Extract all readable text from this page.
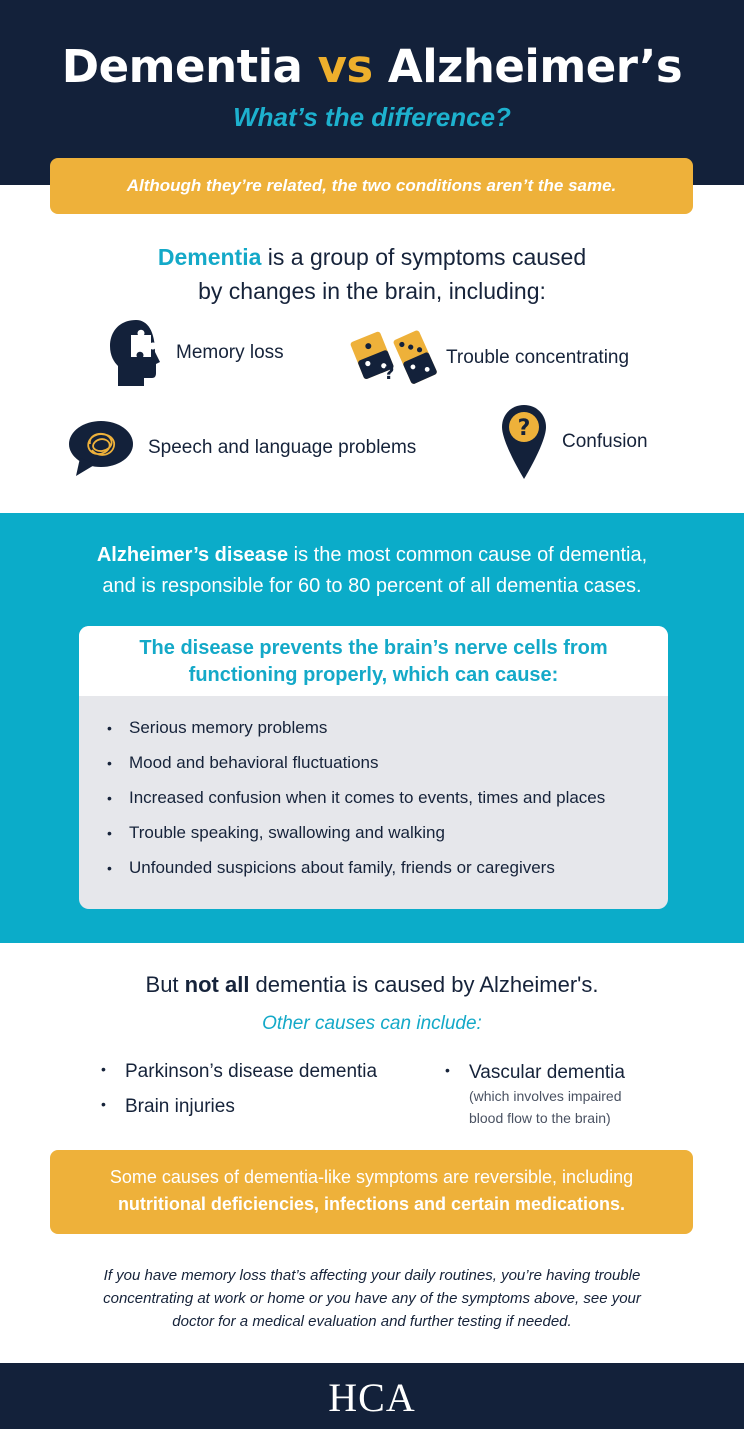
Dementia vs Alzheimer’s
What’s the difference?
Although they’re related, the two conditions aren’t the same.
Dementia is a group of symptoms caused
by changes in the brain, including:
Memory loss
?
Trouble concentrating
Speech and language problems
?
Confusion
Alzheimer’s disease is the most common cause of dementia,
and is responsible for 60 to 80 percent of all dementia cases.
The disease prevents the brain’s nerve cells from
functioning properly, which can cause:
• Serious memory problems
• Mood and behavioral fluctuations
• Increased confusion when it comes to events, times and places
• Trouble speaking, swallowing and walking
• Unfounded suspicions about family, friends or caregivers
But not all dementia is caused by Alzheimer's.
Other causes can include:
• Parkinson’s disease dementia
• Brain injuries
• Vascular dementia
(which involves impaired
blood flow to the brain)
Some causes of dementia-like symptoms are reversible, including
nutritional deficiencies, infections and certain medications.
If you have memory loss that’s affecting your daily routines, you’re having trouble
concentrating at work or home or you have any of the symptoms above, see your
doctor for a medical evaluation and further testing if needed.
HCA
